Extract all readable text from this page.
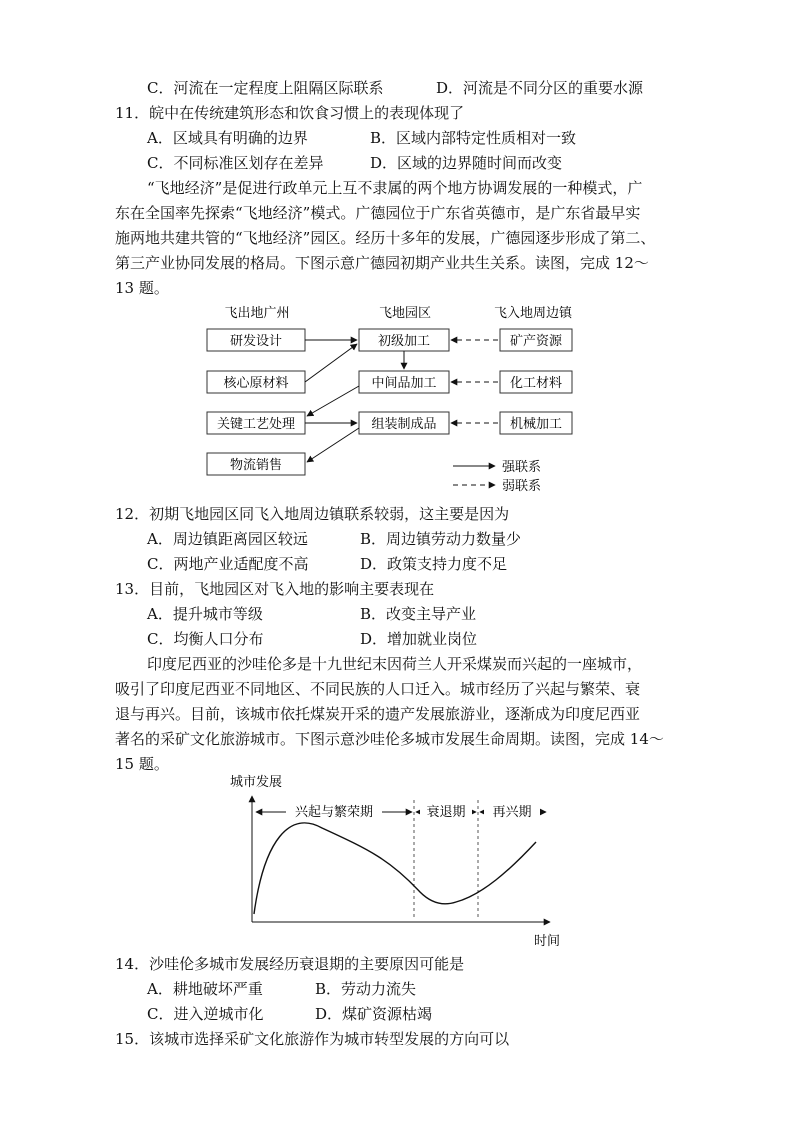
C．河流在一定程度上阻隔区际联系	D．河流是不同分区的重要水源
11．皖中在传统建筑形态和饮食习惯上的表现体现了
A．区域具有明确的边界	B．区域内部特定性质相对一致
C．不同标准区划存在差异	D．区域的边界随时间而改变
“飞地经济”是促进行政单元上互不隶属的两个地方协调发展的一种模式，广
东在全国率先探索“飞地经济”模式。广德园位于广东省英德市，是广东省最早实
施两地共建共管的“飞地经济”园区。经历十多年的发展，广德园逐步形成了第二、
第三产业协同发展的格局。下图示意广德园初期产业共生关系。读图，完成 12～
13 题。
飞出地广州	飞地园区	飞入地周边镇
研发设计
核心原材料
关键工艺处理
物流销售
初级加工
中间品加工
组装制成品
矿产资源
化工材料
机械加工
强联系
弱联系
12．初期飞地园区同飞入地周边镇联系较弱，这主要是因为
A．周边镇距离园区较远	B．周边镇劳动力数量少
C．两地产业适配度不高	D．政策支持力度不足
13．目前，飞地园区对飞入地的影响主要表现在
A．提升城市等级	B．改变主导产业
C．均衡人口分布	D．增加就业岗位
印度尼西亚的沙哇伦多是十九世纪末因荷兰人开采煤炭而兴起的一座城市，
吸引了印度尼西亚不同地区、不同民族的人口迁入。城市经历了兴起与繁荣、衰
退与再兴。目前，该城市依托煤炭开采的遗产发展旅游业，逐渐成为印度尼西亚
著名的采矿文化旅游城市。下图示意沙哇伦多城市发展生命周期。读图，完成 14～
15 题。
城市发展
时间
兴起与繁荣期	衰退期 再兴期
14．沙哇伦多城市发展经历衰退期的主要原因可能是
A．耕地破坏严重	B．劳动力流失
C．进入逆城市化	D．煤矿资源枯竭
15．该城市选择采矿文化旅游作为城市转型发展的方向可以
